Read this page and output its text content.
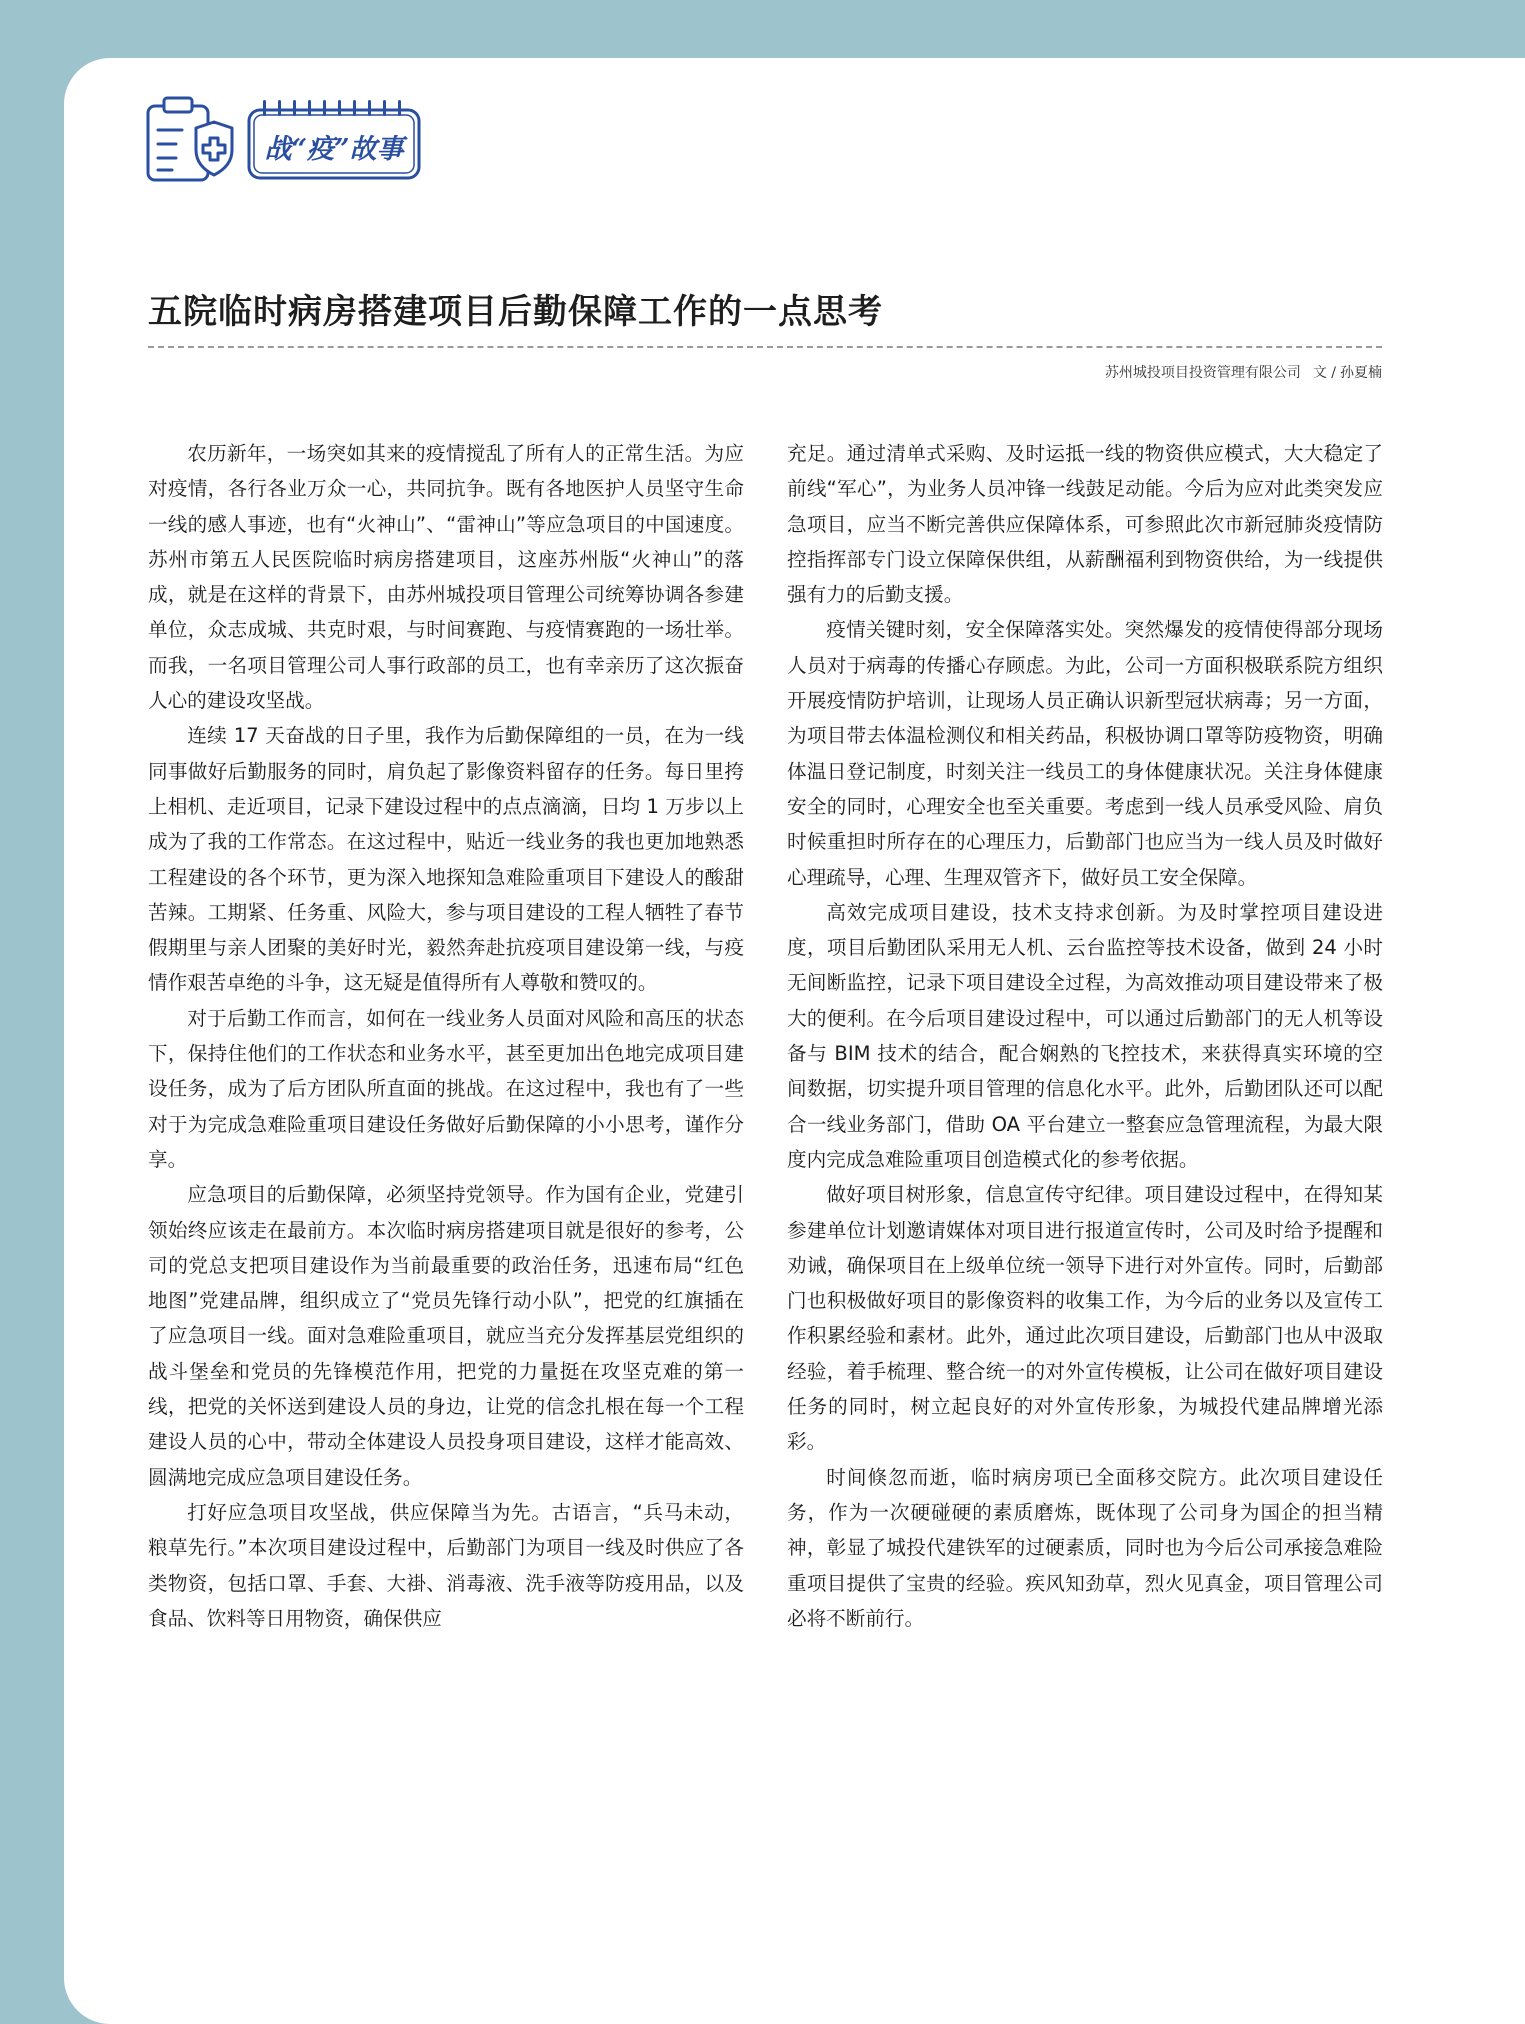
战“疫”故事
五院临时病房搭建项目后勤保障工作的一点思考
苏州城投项目投资管理有限公司 文 / 孙夏楠

农历新年，一场突如其来的疫情搅乱了所有人的正常生活。为应对疫情，各行各业万众一心，共同抗争。既有各地医护人员坚守生命一线的感人事迹，也有“火神山”、“雷神山”等应急项目的中国速度。苏州市第五人民医院临时病房搭建项目，这座苏州版“火神山”的落成，就是在这样的背景下，由苏州城投项目管理公司统筹协调各参建单位，众志成城、共克时艰，与时间赛跑、与疫情赛跑的一场壮举。而我，一名项目管理公司人事行政部的员工，也有幸亲历了这次振奋人心的建设攻坚战。

连续 17 天奋战的日子里，我作为后勤保障组的一员，在为一线同事做好后勤服务的同时，肩负起了影像资料留存的任务。每日里挎上相机、走近项目，记录下建设过程中的点点滴滴，日均 1 万步以上成为了我的工作常态。在这过程中，贴近一线业务的我也更加地熟悉工程建设的各个环节，更为深入地探知急难险重项目下建设人的酸甜苦辣。工期紧、任务重、风险大，参与项目建设的工程人牺牲了春节假期里与亲人团聚的美好时光，毅然奔赴抗疫项目建设第一线，与疫情作艰苦卓绝的斗争，这无疑是值得所有人尊敬和赞叹的。

对于后勤工作而言，如何在一线业务人员面对风险和高压的状态下，保持住他们的工作状态和业务水平，甚至更加出色地完成项目建设任务，成为了后方团队所直面的挑战。在这过程中，我也有了一些对于为完成急难险重项目建设任务做好后勤保障的小小思考，谨作分享。

应急项目的后勤保障，必须坚持党领导。作为国有企业，党建引领始终应该走在最前方。本次临时病房搭建项目就是很好的参考，公司的党总支把项目建设作为当前最重要的政治任务，迅速布局“红色地图”党建品牌，组织成立了“党员先锋行动小队”，把党的红旗插在了应急项目一线。面对急难险重项目，就应当充分发挥基层党组织的战斗堡垒和党员的先锋模范作用，把党的力量挺在攻坚克难的第一线，把党的关怀送到建设人员的身边，让党的信念扎根在每一个工程建设人员的心中，带动全体建设人员投身项目建设，这样才能高效、圆满地完成应急项目建设任务。

打好应急项目攻坚战，供应保障当为先。古语言，“兵马未动，粮草先行。”本次项目建设过程中，后勤部门为项目一线及时供应了各类物资，包括口罩、手套、大褂、消毒液、洗手液等防疫用品，以及食品、饮料等日用物资，确保供应

充足。通过清单式采购、及时运抵一线的物资供应模式，大大稳定了前线“军心”，为业务人员冲锋一线鼓足动能。今后为应对此类突发应急项目，应当不断完善供应保障体系，可参照此次市新冠肺炎疫情防控指挥部专门设立保障保供组，从薪酬福利到物资供给，为一线提供强有力的后勤支援。

疫情关键时刻，安全保障落实处。突然爆发的疫情使得部分现场人员对于病毒的传播心存顾虑。为此，公司一方面积极联系院方组织开展疫情防护培训，让现场人员正确认识新型冠状病毒；另一方面，为项目带去体温检测仪和相关药品，积极协调口罩等防疫物资，明确体温日登记制度，时刻关注一线员工的身体健康状况。关注身体健康安全的同时，心理安全也至关重要。考虑到一线人员承受风险、肩负时候重担时所存在的心理压力，后勤部门也应当为一线人员及时做好心理疏导，心理、生理双管齐下，做好员工安全保障。

高效完成项目建设，技术支持求创新。为及时掌控项目建设进度，项目后勤团队采用无人机、云台监控等技术设备，做到 24 小时无间断监控，记录下项目建设全过程，为高效推动项目建设带来了极大的便利。在今后项目建设过程中，可以通过后勤部门的无人机等设备与 BIM 技术的结合，配合娴熟的飞控技术，来获得真实环境的空间数据，切实提升项目管理的信息化水平。此外，后勤团队还可以配合一线业务部门，借助 OA 平台建立一整套应急管理流程，为最大限度内完成急难险重项目创造模式化的参考依据。

做好项目树形象，信息宣传守纪律。项目建设过程中，在得知某参建单位计划邀请媒体对项目进行报道宣传时，公司及时给予提醒和劝诫，确保项目在上级单位统一领导下进行对外宣传。同时，后勤部门也积极做好项目的影像资料的收集工作，为今后的业务以及宣传工作积累经验和素材。此外，通过此次项目建设，后勤部门也从中汲取经验，着手梳理、整合统一的对外宣传模板，让公司在做好项目建设任务的同时，树立起良好的对外宣传形象，为城投代建品牌增光添彩。

时间倏忽而逝，临时病房项已全面移交院方。此次项目建设任务，作为一次硬碰硬的素质磨炼，既体现了公司身为国企的担当精神，彰显了城投代建铁军的过硬素质，同时也为今后公司承接急难险重项目提供了宝贵的经验。疾风知劲草，烈火见真金，项目管理公司必将不断前行。
